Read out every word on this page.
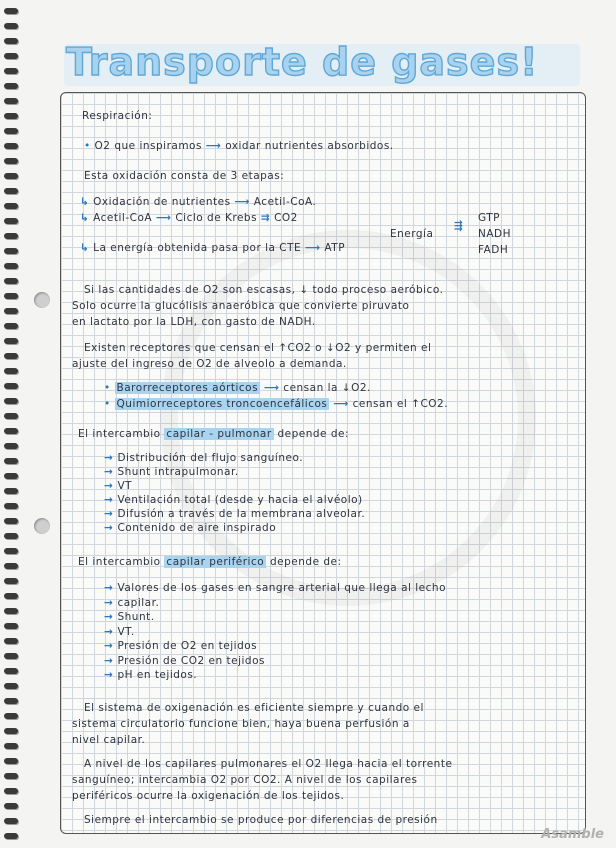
Transporte de gases!
Respiración:
• O2 que inspiramos ⟶ oxidar nutrientes absorbidos.
Esta oxidación consta de 3 etapas:
↳ Oxidación de nutrientes ⟶ Acetil-CoA.
↳ Acetil-CoA ⟶ Ciclo de Krebs ⇉ CO2
Energía
GTP
NADH
FADH
⇶
↳ La energía obtenida pasa por la CTE ⟶ ATP
Si las cantidades de O2 son escasas, ↓ todo proceso aeróbico.
Solo ocurre la glucólisis anaeróbica que convierte piruvato
en lactato por la LDH, con gasto de NADH.
Existen receptores que censan el ↑CO2 o ↓O2 y permiten el
ajuste del ingreso de O2 de alveolo a demanda.
• Barorreceptores aórticos ⟶ censan la ↓O2.
• Quimiorreceptores troncoencefálicos ⟶ censan el ↑CO2.
El intercambio capilar - pulmonar depende de:
→ Distribución del flujo sanguíneo.
→ Shunt intrapulmonar.
→ VT
→ Ventilación total (desde y hacia el alvéolo)
→ Difusión a través de la membrana alveolar.
→ Contenido de aire inspirado
El intercambio capilar periférico depende de:
→ Valores de los gases en sangre arterial que llega al lecho
→ capilar.
→ Shunt.
→ VT.
→ Presión de O2 en tejidos
→ Presión de CO2 en tejidos
→ pH en tejidos.
El sistema de oxigenación es eficiente siempre y cuando el
sistema circulatorio funcione bien, haya buena perfusión a
nivel capilar.
A nivel de los capilares pulmonares el O2 llega hacia el torrente
sanguíneo; intercambia O2 por CO2. A nivel de los capilares
periféricos ocurre la oxigenación de los tejidos.
Siempre el intercambio se produce por diferencias de presión
Asamble
